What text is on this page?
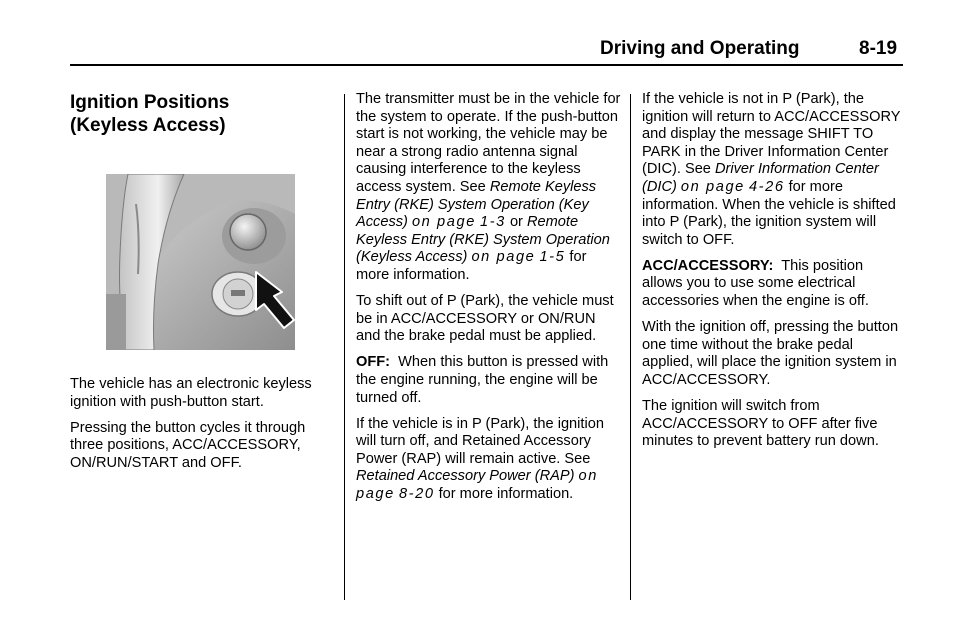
Driving and Operating	8-19
Ignition Positions
(Keyless Access)

The vehicle has an electronic keyless ignition with push-button start.

Pressing the button cycles it through three positions, ACC/ACCESSORY, ON/RUN/START and OFF.

The transmitter must be in the vehicle for the system to operate. If the push-button start is not working, the vehicle may be near a strong radio antenna signal causing interference to the keyless access system. See Remote Keyless Entry (RKE) System Operation (Key Access) on page 1-3 or Remote Keyless Entry (RKE) System Operation (Keyless Access) on page 1-5 for more information.

To shift out of P (Park), the vehicle must be in ACC/ACCESSORY or ON/RUN and the brake pedal must be applied.

OFF: When this button is pressed with the engine running, the engine will be turned off.

If the vehicle is in P (Park), the ignition will turn off, and Retained Accessory Power (RAP) will remain active. See Retained Accessory Power (RAP) on page 8-20 for more information.

If the vehicle is not in P (Park), the ignition will return to ACC/ACCESSORY and display the message SHIFT TO PARK in the Driver Information Center (DIC). See Driver Information Center (DIC) on page 4-26 for more information. When the vehicle is shifted into P (Park), the ignition system will switch to OFF.

ACC/ACCESSORY: This position allows you to use some electrical accessories when the engine is off.

With the ignition off, pressing the button one time without the brake pedal applied, will place the ignition system in ACC/ACCESSORY.

The ignition will switch from ACC/ACCESSORY to OFF after five minutes to prevent battery run down.
